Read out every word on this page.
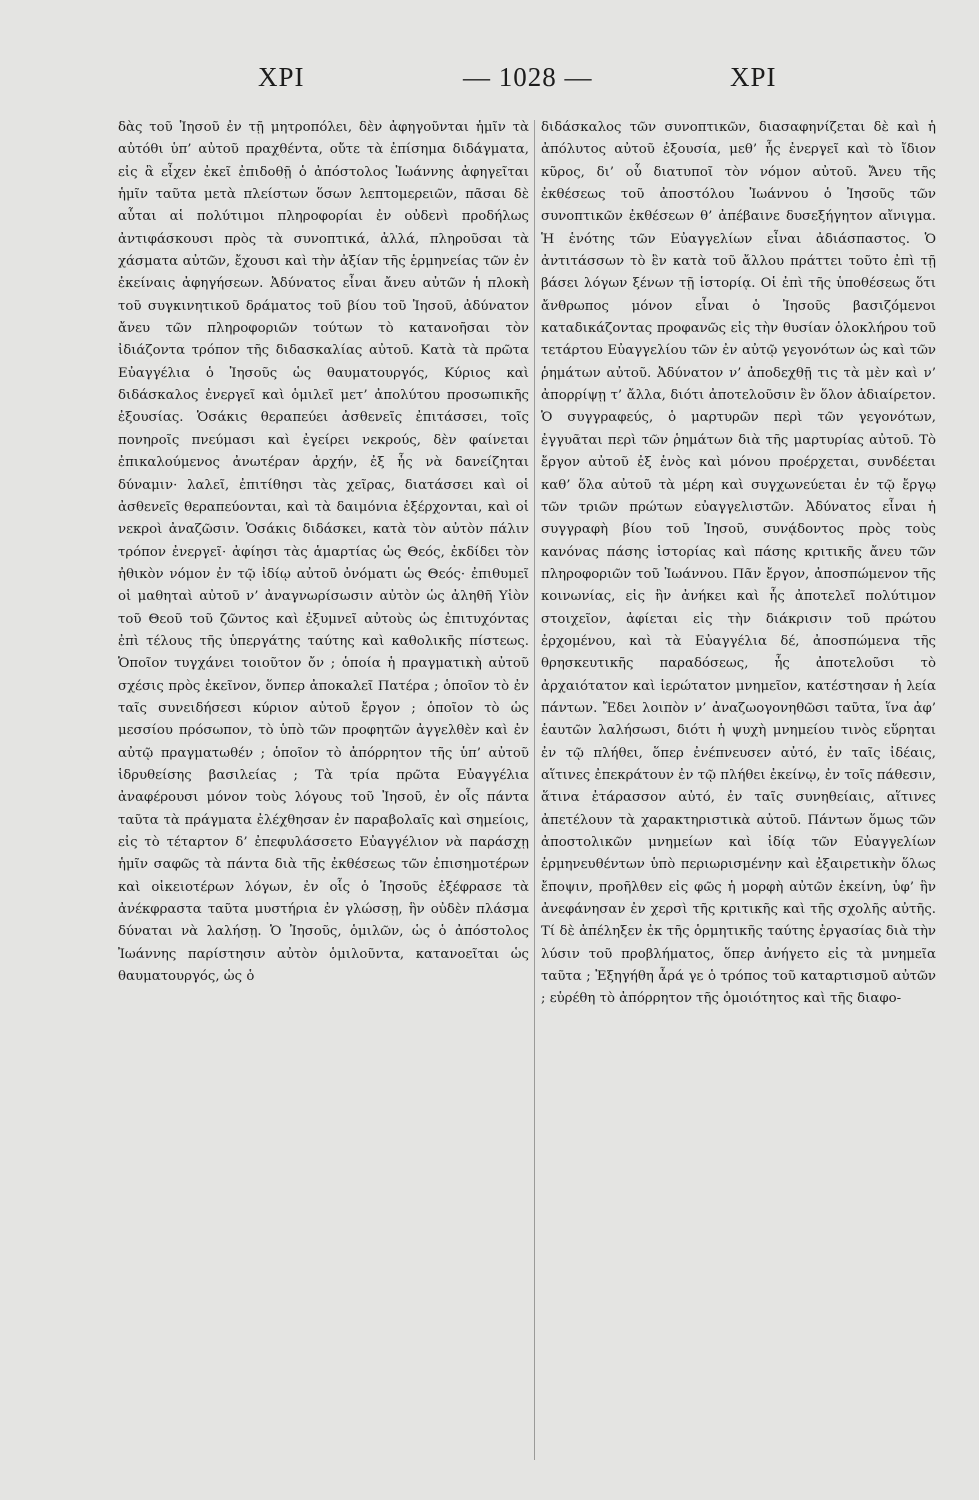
ΧΡΙ	— 1028 —	ΧΡΙ

δὰς τοῦ Ἰησοῦ ἐν τῇ μητροπόλει, δὲν ἀφηγοῦνται ἡμῖν τὰ αὐτόθι ὑπ’ αὐτοῦ πραχθέντα, οὔτε τὰ ἐπίσημα διδάγματα, εἰς ἃ εἶχεν ἐκεῖ ἐπιδοθῇ ὁ ἀπόστολος Ἰωάννης ἀφηγεῖται ἡμῖν ταῦτα μετὰ πλείστων ὅσων λεπτομερειῶν, πᾶσαι δὲ αὗται αἱ πολύτιμοι πληροφορίαι ἐν οὐδενὶ προδήλως ἀντιφάσκουσι πρὸς τὰ συνοπτικά, ἀλλά, πληροῦσαι τὰ χάσματα αὐτῶν, ἔχουσι καὶ τὴν ἀξίαν τῆς ἑρμηνείας τῶν ἐν ἐκείναις ἀφηγήσεων. Ἀδύνατος εἶναι ἄνευ αὐτῶν ἡ πλοκὴ τοῦ συγκινητικοῦ δράματος τοῦ βίου τοῦ Ἰησοῦ, ἀδύνατον ἄνευ τῶν πληροφοριῶν τούτων τὸ κατανοῆσαι τὸν ἰδιάζοντα τρόπον τῆς διδασκαλίας αὐτοῦ. Κατὰ τὰ πρῶτα Εὐαγγέλια ὁ Ἰησοῦς ὡς θαυματουργός, Κύριος καὶ διδάσκαλος ἐνεργεῖ καὶ ὁμιλεῖ μετ’ ἀπολύτου προσωπικῆς ἐξουσίας. Ὁσάκις θεραπεύει ἀσθενεῖς ἐπιτάσσει, τοῖς πονηροῖς πνεύμασι καὶ ἐγείρει νεκρούς, δὲν φαίνεται ἐπικαλούμενος ἀνωτέραν ἀρχήν, ἐξ ἧς νὰ δανείζηται δύναμιν· λαλεῖ, ἐπιτίθησι τὰς χεῖρας, διατάσσει καὶ οἱ ἀσθενεῖς θεραπεύονται, καὶ τὰ δαιμόνια ἐξέρχονται, καὶ οἱ νεκροὶ ἀναζῶσιν. Ὁσάκις διδάσκει, κατὰ τὸν αὐτὸν πάλιν τρόπον ἐνεργεῖ· ἀφίησι τὰς ἁμαρτίας ὡς Θεός, ἐκδίδει τὸν ἠθικὸν νόμον ἐν τῷ ἰδίῳ αὐτοῦ ὀνόματι ὡς Θεός· ἐπιθυμεῖ οἱ μαθηταὶ αὐτοῦ ν’ ἀναγνωρίσωσιν αὐτὸν ὡς ἀληθῆ Υἱὸν τοῦ Θεοῦ τοῦ ζῶντος καὶ ἐξυμνεῖ αὐτοὺς ὡς ἐπιτυχόντας ἐπὶ τέλους τῆς ὑπεργάτης ταύτης καὶ καθολικῆς πίστεως. Ὁποῖον τυγχάνει τοιοῦτον ὄν ; ὁποία ἡ πραγματικὴ αὐτοῦ σχέσις πρὸς ἐκεῖνον, ὅνπερ ἀποκαλεῖ Πατέρα ; ὁποῖον τὸ ἐν ταῖς συνειδήσεσι κύριον αὐτοῦ ἔργον ; ὁποῖον τὸ ὡς μεσσίου πρόσωπον, τὸ ὑπὸ τῶν προφητῶν ἀγγελθὲν καὶ ἐν αὐτῷ πραγματωθέν ; ὁποῖον τὸ ἀπόρρητον τῆς ὑπ’ αὐτοῦ ἱδρυθείσης βασιλείας ; Τὰ τρία πρῶτα Εὐαγγέλια ἀναφέρουσι μόνον τοὺς λόγους τοῦ Ἰησοῦ, ἐν οἷς πάντα ταῦτα τὰ πράγματα ἐλέχθησαν ἐν παραβολαῖς καὶ σημείοις, εἰς τὸ τέταρτον δ’ ἐπεφυλάσσετο Εὐαγγέλιον νὰ παράσχῃ ἡμῖν σαφῶς τὰ πάντα διὰ τῆς ἐκθέσεως τῶν ἐπισημοτέρων καὶ οἰκειοτέρων λόγων, ἐν οἷς ὁ Ἰησοῦς ἐξέφρασε τὰ ἀνέκφραστα ταῦτα μυστήρια ἐν γλώσσῃ, ἣν οὐδὲν πλάσμα δύναται νὰ λαλήσῃ. Ὁ Ἰησοῦς, ὁμιλῶν, ὡς ὁ ἀπόστολος Ἰωάννης παρίστησιν αὐτὸν ὁμιλοῦντα, κατανοεῖται ὡς θαυματουργός, ὡς ὁ

διδάσκαλος τῶν συνοπτικῶν, διασαφηνίζεται δὲ καὶ ἡ ἀπόλυτος αὐτοῦ ἐξουσία, μεθ’ ἧς ἐνεργεῖ καὶ τὸ ἴδιον κῦρος, δι’ οὗ διατυποῖ τὸν νόμον αὐτοῦ. Ἄνευ τῆς ἐκθέσεως τοῦ ἀποστόλου Ἰωάννου ὁ Ἰησοῦς τῶν συνοπτικῶν ἐκθέσεων θ’ ἀπέβαινε δυσεξήγητον αἴνιγμα. Ἡ ἑνότης τῶν Εὐαγγελίων εἶναι ἀδιάσπαστος. Ὁ ἀντιτάσσων τὸ ἓν κατὰ τοῦ ἄλλου πράττει τοῦτο ἐπὶ τῇ βάσει λόγων ξένων τῇ ἱστορίᾳ. Οἱ ἐπὶ τῆς ὑποθέσεως ὅτι ἄνθρωπος μόνον εἶναι ὁ Ἰησοῦς βασιζόμενοι καταδικάζοντας προφανῶς εἰς τὴν θυσίαν ὁλοκλήρου τοῦ τετάρτου Εὐαγγελίου τῶν ἐν αὐτῷ γεγονότων ὡς καὶ τῶν ῥημάτων αὐτοῦ. Ἀδύνατον ν’ ἀποδεχθῇ τις τὰ μὲν καὶ ν’ ἀπορρίψῃ τ’ ἄλλα, διότι ἀποτελοῦσιν ἓν ὅλον ἀδιαίρετον. Ὁ συγγραφεύς, ὁ μαρτυρῶν περὶ τῶν γεγονότων, ἐγγυᾶται περὶ τῶν ῥημάτων διὰ τῆς μαρτυρίας αὐτοῦ. Τὸ ἔργον αὐτοῦ ἐξ ἑνὸς καὶ μόνου προέρχεται, συνδέεται καθ’ ὅλα αὐτοῦ τὰ μέρη καὶ συγχωνεύεται ἐν τῷ ἔργῳ τῶν τριῶν πρώτων εὐαγγελιστῶν. Ἀδύνατος εἶναι ἡ συγγραφὴ βίου τοῦ Ἰησοῦ, συνᾴδοντος πρὸς τοὺς κανόνας πάσης ἱστορίας καὶ πάσης κριτικῆς ἄνευ τῶν πληροφοριῶν τοῦ Ἰωάννου. Πᾶν ἔργον, ἀποσπώμενον τῆς κοινωνίας, εἰς ἣν ἀνήκει καὶ ἧς ἀποτελεῖ πολύτιμον στοιχεῖον, ἀφίεται εἰς τὴν διάκρισιν τοῦ πρώτου ἐρχομένου, καὶ τὰ Εὐαγγέλια δέ, ἀποσπώμενα τῆς θρησκευτικῆς παραδόσεως, ἧς ἀποτελοῦσι τὸ ἀρχαιότατον καὶ ἱερώτατον μνημεῖον, κατέστησαν ἡ λεία πάντων. Ἔδει λοιπὸν ν’ ἀναζωογονηθῶσι ταῦτα, ἵνα ἀφ’ ἑαυτῶν λαλήσωσι, διότι ἡ ψυχὴ μνημείου τινὸς εὕρηται ἐν τῷ πλήθει, ὅπερ ἐνέπνευσεν αὐτό, ἐν ταῖς ἰδέαις, αἵτινες ἐπεκράτουν ἐν τῷ πλήθει ἐκείνῳ, ἐν τοῖς πάθεσιν, ἅτινα ἐτάρασσον αὐτό, ἐν ταῖς συνηθείαις, αἵτινες ἀπετέλουν τὰ χαρακτηριστικὰ αὐτοῦ. Πάντων ὅμως τῶν ἀποστολικῶν μνημείων καὶ ἰδίᾳ τῶν Εὐαγγελίων ἑρμηνευθέντων ὑπὸ περιωρισμένην καὶ ἐξαιρετικὴν ὅλως ἔποψιν, προῆλθεν εἰς φῶς ἡ μορφὴ αὐτῶν ἐκείνη, ὑφ’ ἣν ἀνεφάνησαν ἐν χερσὶ τῆς κριτικῆς καὶ τῆς σχολῆς αὐτῆς. Τί δὲ ἀπέληξεν ἐκ τῆς ὁρμητικῆς ταύτης ἐργασίας διὰ τὴν λύσιν τοῦ προβλήματος, ὅπερ ἀνήγετο εἰς τὰ μνημεῖα ταῦτα ; Ἐξηγήθη ἆρά γε ὁ τρόπος τοῦ καταρτισμοῦ αὐτῶν ; εὑρέθη τὸ ἀπόρρητον τῆς ὁμοιότητος καὶ τῆς διαφο-
